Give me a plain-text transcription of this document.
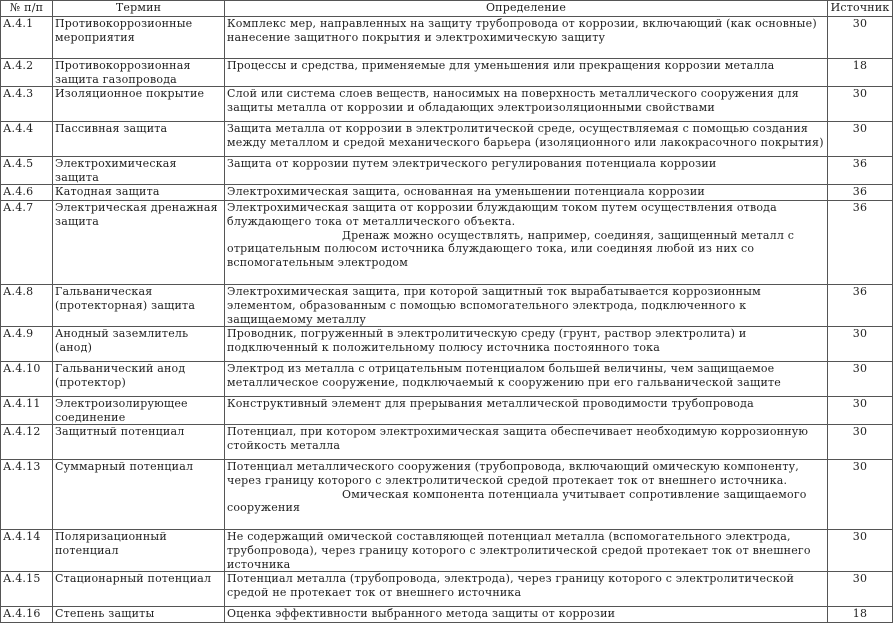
№ п/п	Термин	Определение	Источник
А.4.1	Противокоррозионные мероприятия	Комплекс мер, направленных на защиту трубопровода от коррозии, включающий (как основные) нанесение защитного покрытия и электрохимическую защиту	30
А.4.2	Противокоррозионная защита газопровода	Процессы и средства, применяемые для уменьшения или прекращения коррозии металла	18
А.4.3	Изоляционное покрытие	Слой или система слоев веществ, наносимых на поверхность металлического сооружения для защиты металла от коррозии и обладающих электроизоляционными свойствами	30
А.4.4	Пассивная защита	Защита металла от коррозии в электролитической среде, осуществляемая с помощью создания между металлом и средой механического барьера (изоляционного или лакокрасочного покрытия)	30
А.4.5	Электрохимическая защита	Защита от коррозии путем электрического регулирования потенциала коррозии	36
А.4.6	Катодная защита	Электрохимическая защита, основанная на уменьшении потенциала коррозии	36
А.4.7	Электрическая дренажная защита	Электрохимическая защита от коррозии блуждающим током путем осуществления отвода блуждающего тока от металлического объекта.
Дренаж можно осуществлять, например, соединяя, защищенный металл с отрицательным полюсом источника блуждающего тока, или соединяя любой из них со вспомогательным электродом	36
А.4.8	Гальваническая (протекторная) защита	Электрохимическая защита, при которой защитный ток вырабатывается коррозионным элементом, образованным с помощью вспомогательного электрода, подключенного к защищаемому металлу	36
А.4.9	Анодный заземлитель (анод)	Проводник, погруженный в электролитическую среду (грунт, раствор электролита) и подключенный к положительному полюсу источника постоянного тока	30
А.4.10	Гальванический анод (протектор)	Электрод из металла с отрицательным потенциалом большей величины, чем защищаемое металлическое сооружение, подключаемый к сооружению при его гальванической защите	30
А.4.11	Электроизолирующее соединение	Конструктивный элемент для прерывания металлической проводимости трубопровода	30
А.4.12	Защитный потенциал	Потенциал, при котором электрохимическая защита обеспечивает необходимую коррозионную стойкость металла	30
А.4.13	Суммарный потенциал	Потенциал металлического сооружения (трубопровода, включающий омическую компоненту, через границу которого с электролитической средой протекает ток от внешнего источника.
Омическая компонента потенциала учитывает сопротивление защищаемого сооружения	30
А.4.14	Поляризационный потенциал	Не содержащий омической составляющей потенциал металла (вспомогательного электрода, трубопровода), через границу которого с электролитической средой протекает ток от внешнего источника	30
А.4.15	Стационарный потенциал	Потенциал металла (трубопровода, электрода), через границу которого с электролитической средой не протекает ток от внешнего источника	30
А.4.16	Степень защиты	Оценка эффективности выбранного метода защиты от коррозии	18
